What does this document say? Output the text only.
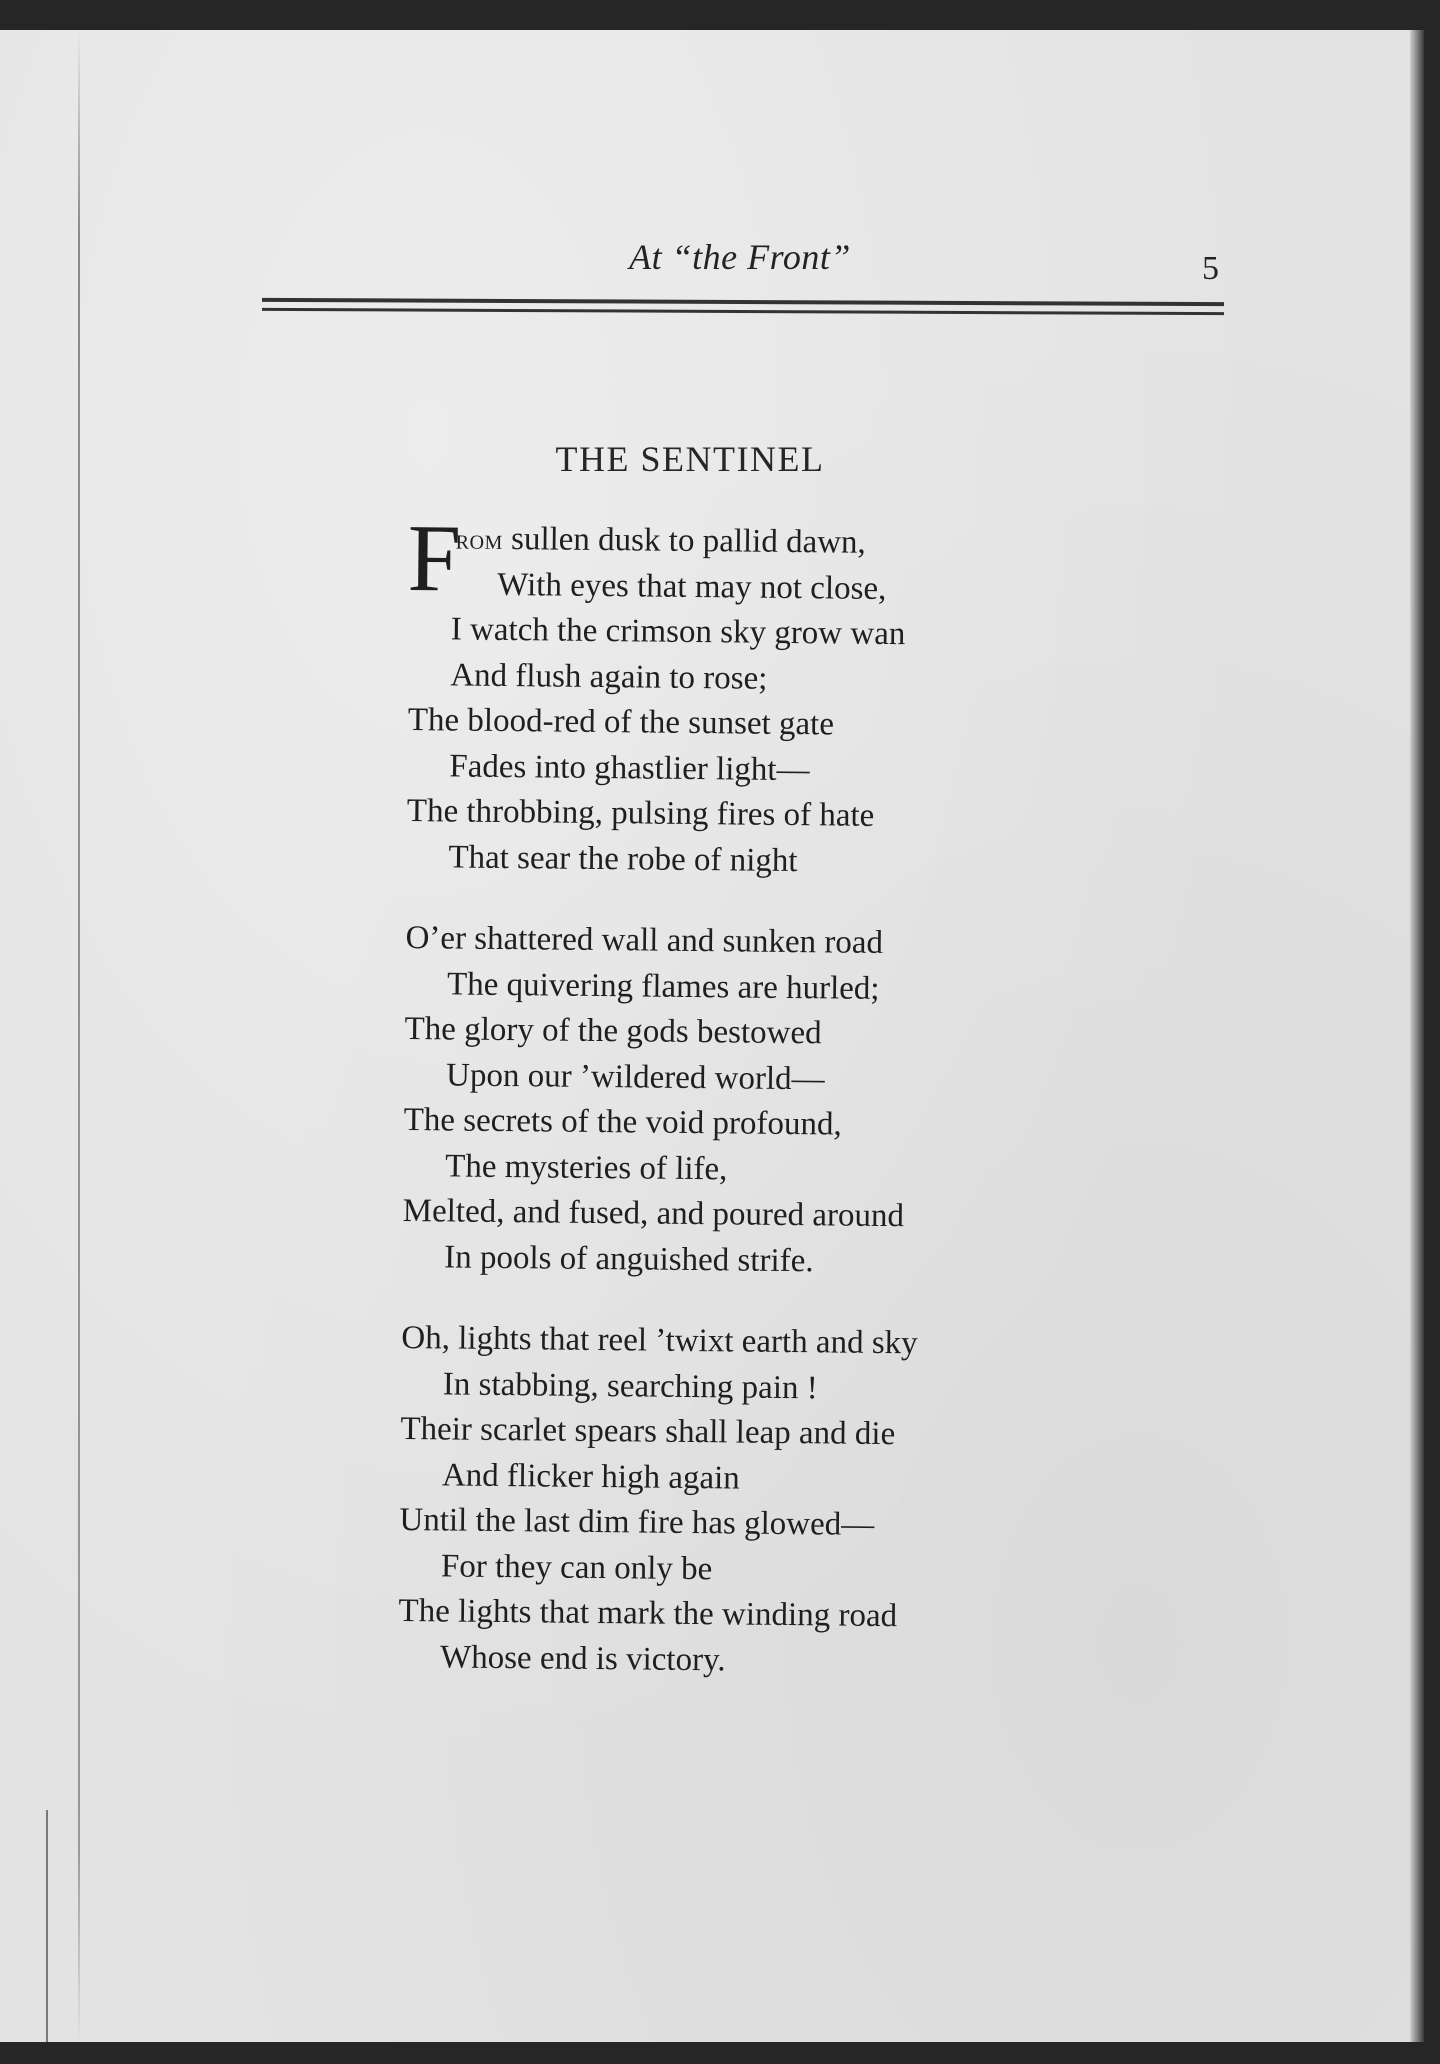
At “the Front”	5
THE SENTINEL
F
rom sullen dusk to pallid dawn,
With eyes that may not close,
I watch the crimson sky grow wan
And flush again to rose;
The blood-red of the sunset gate
Fades into ghastlier light—
The throbbing, pulsing fires of hate
That sear the robe of night
O’er shattered wall and sunken road
The quivering flames are hurled;
The glory of the gods bestowed
Upon our ’wildered world—
The secrets of the void profound,
The mysteries of life,
Melted, and fused, and poured around
In pools of anguished strife.
Oh, lights that reel ’twixt earth and sky
In stabbing, searching pain !
Their scarlet spears shall leap and die
And flicker high again
Until the last dim fire has glowed—
For they can only be
The lights that mark the winding road
Whose end is victory.
